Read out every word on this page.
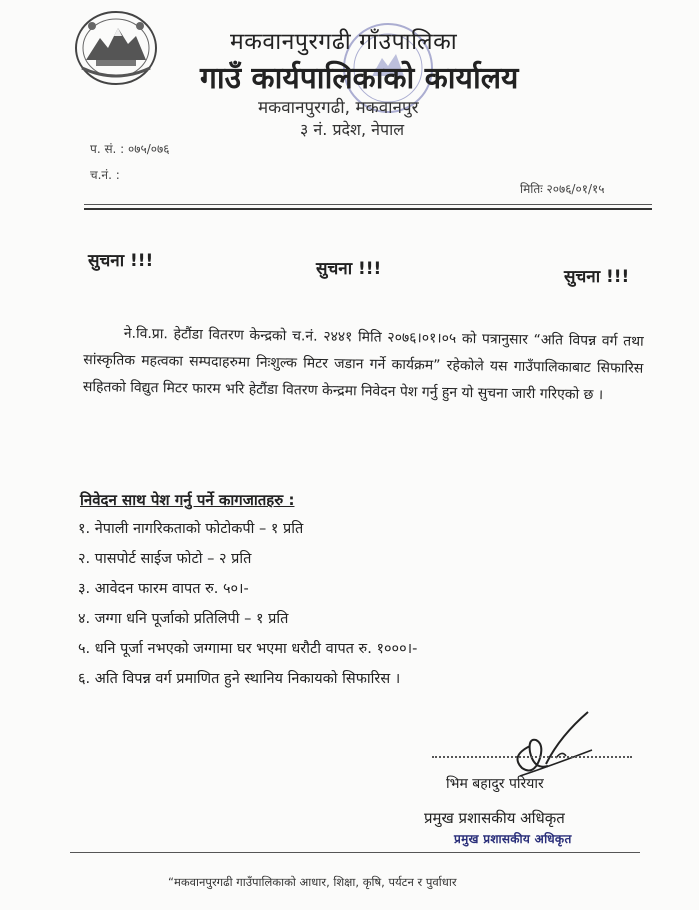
मकवानपुरगढी गाँउपालिका
गाउँ कार्यपालिकाको कार्यालय
मकवानपुरगढी, मकवानपुर
३ नं. प्रदेश, नेपाल
प. सं. : ०७५/०७६
च.नं. :
मितिः २०७६/०१/१५
सुचना !!!	सुचना !!!	सुचना !!!
ने.वि.प्रा. हेटौंडा वितरण केन्द्रको च.नं. २४४१ मिति २०७६।०१।०५ को पत्रानुसार “अति विपन्न वर्ग तथा सांस्कृतिक महत्वका सम्पदाहरुमा निःशुल्क मिटर जडान गर्ने कार्यक्रम” रहेकोले यस गाउँपालिकाबाट सिफारिस सहितको विद्युत मिटर फारम भरि हेटौंडा वितरण केन्द्रमा निवेदन पेश गर्नु हुन यो सुचना जारी गरिएको छ ।
निवेदन साथ पेश गर्नु पर्ने कागजातहरु :
१. नेपाली नागरिकताको फोटोकपी – १ प्रति
२. पासपोर्ट साईज फोटो – २ प्रति
३. आवेदन फारम वापत रु. ५०।-
४. जग्गा धनि पूर्जाको प्रतिलिपी – १ प्रति
५. धनि पूर्जा नभएको जग्गामा घर भएमा धरौटी वापत रु. १०००।-
६. अति विपन्न वर्ग प्रमाणित हुने स्थानिय निकायको सिफारिस ।
भिम बहादुर परियार
प्रमुख प्रशासकीय अधिकृत
प्रमुख प्रशासकीय अधिकृत
“मकवानपुरगढी गाउँपालिकाको आधार, शिक्षा, कृषि, पर्यटन र पुर्वाधार
